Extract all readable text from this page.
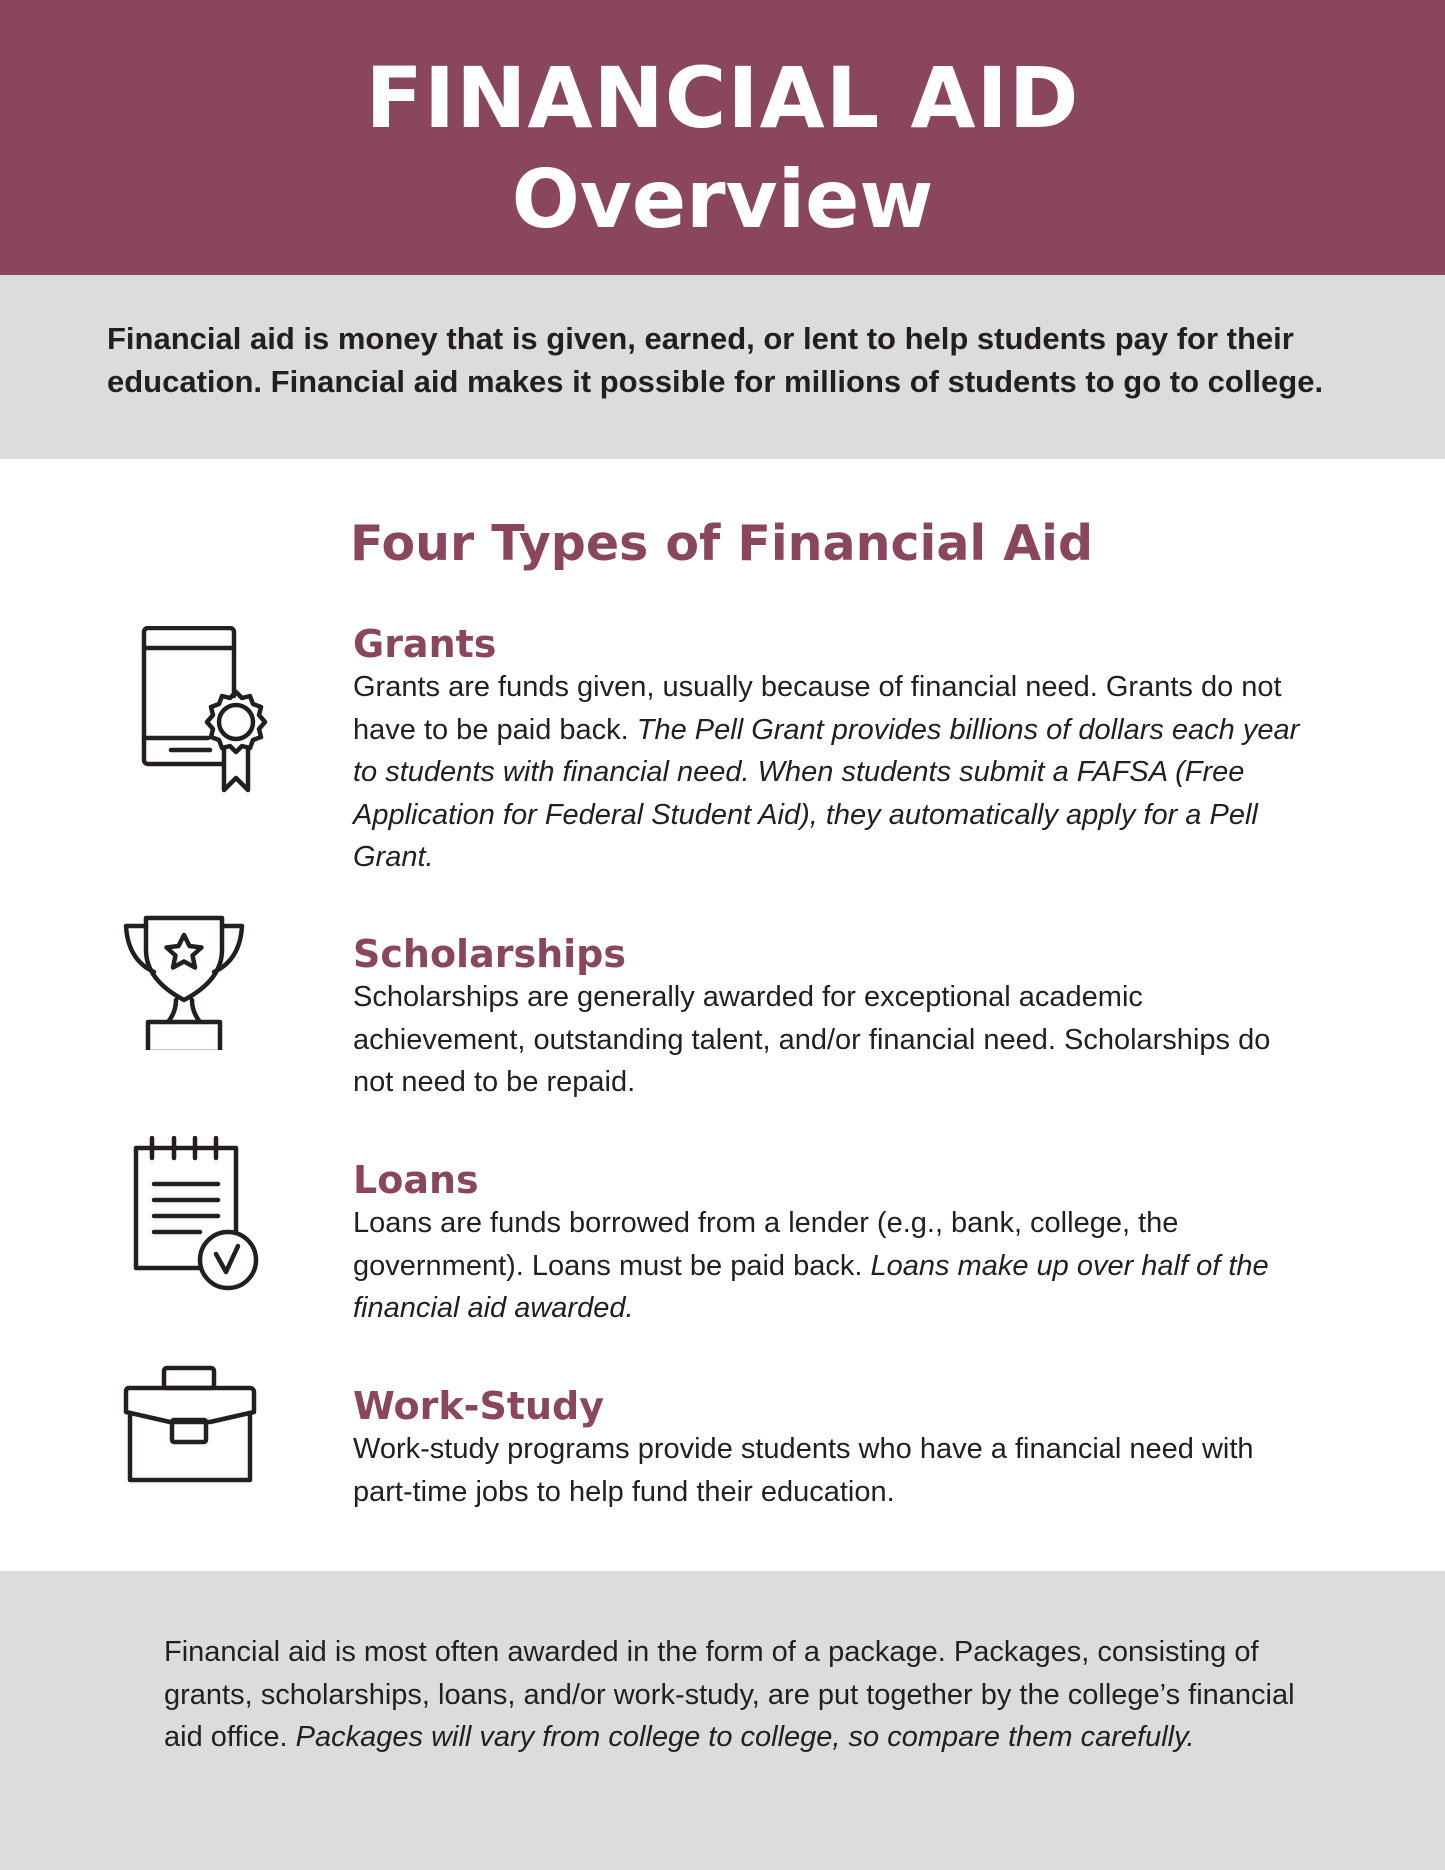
FINANCIAL AID
Overview

Financial aid is money that is given, earned, or lent to help students pay for their education. Financial aid makes it possible for millions of students to go to college.

Four Types of Financial Aid
Grants

Grants are funds given, usually because of financial need. Grants do not have to be paid back. The Pell Grant provides billions of dollars each year to students with financial need. When students submit a FAFSA (Free Application for Federal Student Aid), they automatically apply for a Pell Grant.

Scholarships

Scholarships are generally awarded for exceptional academic achievement, outstanding talent, and/or financial need. Scholarships do not need to be repaid.

Loans

Loans are funds borrowed from a lender (e.g., bank, college, the government). Loans must be paid back. Loans make up over half of the financial aid awarded.

Work-Study

Work-study programs provide students who have a financial need with part-time jobs to help fund their education.

Financial aid is most often awarded in the form of a package. Packages, consisting of grants, scholarships, loans, and/or work-study, are put together by the college’s financial aid office. Packages will vary from college to college, so compare them carefully.
